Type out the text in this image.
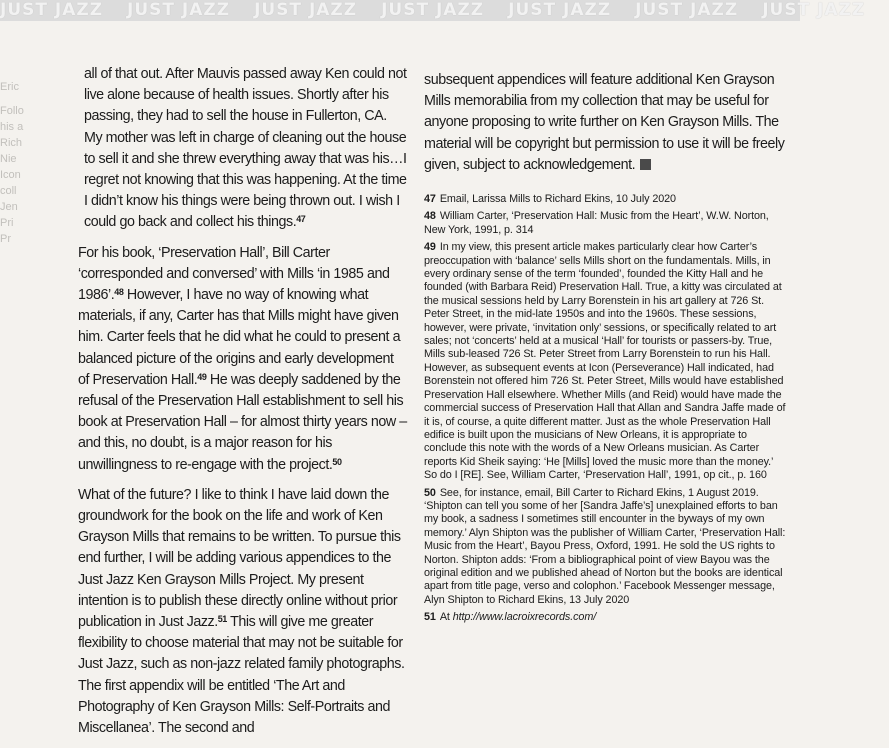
JUST JAZZ JUST JAZZ JUST JAZZ JUST JAZZ JUST JAZZ JUST JAZZ JUST JAZZ
Eric
Follo
his a
Rich
Nie
Icon
coll
Jen
Pri
Pr

all of that out. After Mauvis passed away Ken could not live alone because of health issues. Shortly after his passing, they had to sell the house in Fullerton, CA. My mother was left in charge of cleaning out the house to sell it and she threw everything away that was his…I regret not knowing that this was happening. At the time I didn’t know his things were being thrown out. I wish I could go back and collect his things.$^{47}$

For his book, ‘Preservation Hall’, Bill Carter ‘corresponded and conversed’ with Mills ‘in 1985 and 1986’.$^{48}$ However, I have no way of knowing what materials, if any, Carter has that Mills might have given him. Carter feels that he did what he could to present a balanced picture of the origins and early development of Preservation Hall.$^{49}$ He was deeply saddened by the refusal of the Preservation Hall establishment to sell his book at Preservation Hall – for almost thirty years now – and this, no doubt, is a major reason for his unwillingness to re-engage with the project.$^{50}$

What of the future? I like to think I have laid down the groundwork for the book on the life and work of Ken Grayson Mills that remains to be written. To pursue this end further, I will be adding various appendices to the Just Jazz Ken Grayson Mills Project. My present intention is to publish these directly online without prior publication in Just Jazz.$^{51}$ This will give me greater flexibility to choose material that may not be suitable for Just Jazz, such as non-jazz related family photographs. The first appendix will be entitled ‘The Art and Photography of Ken Grayson Mills: Self-Portraits and Miscellanea’. The second and

subsequent appendices will feature additional Ken Grayson Mills memorabilia from my collection that may be useful for anyone proposing to write further on Ken Grayson Mills. The material will be copyright but permission to use it will be freely given, subject to acknowledgement.

47 Email, Larissa Mills to Richard Ekins, 10 July 2020

48 William Carter, ‘Preservation Hall: Music from the Heart’, W.W. Norton, New York, 1991, p. 314

49 In my view, this present article makes particularly clear how Carter’s preoccupation with ‘balance’ sells Mills short on the fundamentals. Mills, in every ordinary sense of the term ‘founded’, founded the Kitty Hall and he founded (with Barbara Reid) Preservation Hall. True, a kitty was circulated at the musical sessions held by Larry Borenstein in his art gallery at 726 St. Peter Street, in the mid-late 1950s and into the 1960s. These sessions, however, were private, ‘invitation only’ sessions, or specifically related to art sales; not ‘concerts’ held at a musical ‘Hall’ for tourists or passers-by. True, Mills sub-leased 726 St. Peter Street from Larry Borenstein to run his Hall. However, as subsequent events at Icon (Perseverance) Hall indicated, had Borenstein not offered him 726 St. Peter Street, Mills would have established Preservation Hall elsewhere. Whether Mills (and Reid) would have made the commercial success of Preservation Hall that Allan and Sandra Jaffe made of it is, of course, a quite different matter. Just as the whole Preservation Hall edifice is built upon the musicians of New Orleans, it is appropriate to conclude this note with the words of a New Orleans musician. As Carter reports Kid Sheik saying: ‘He [Mills] loved the music more than the money.’ So do I [RE]. See, William Carter, ‘Preservation Hall’, 1991, op cit., p. 160

50 See, for instance, email, Bill Carter to Richard Ekins, 1 August 2019. ‘Shipton can tell you some of her [Sandra Jaffe’s] unexplained efforts to ban my book, a sadness I sometimes still encounter in the byways of my own memory.’ Alyn Shipton was the publisher of William Carter, ‘Preservation Hall: Music from the Heart’, Bayou Press, Oxford, 1991. He sold the US rights to Norton. Shipton adds: ‘From a bibliographical point of view Bayou was the original edition and we published ahead of Norton but the books are identical apart from title page, verso and colophon.’ Facebook Messenger message, Alyn Shipton to Richard Ekins, 13 July 2020

51 At http://www.lacroixrecords.com/
